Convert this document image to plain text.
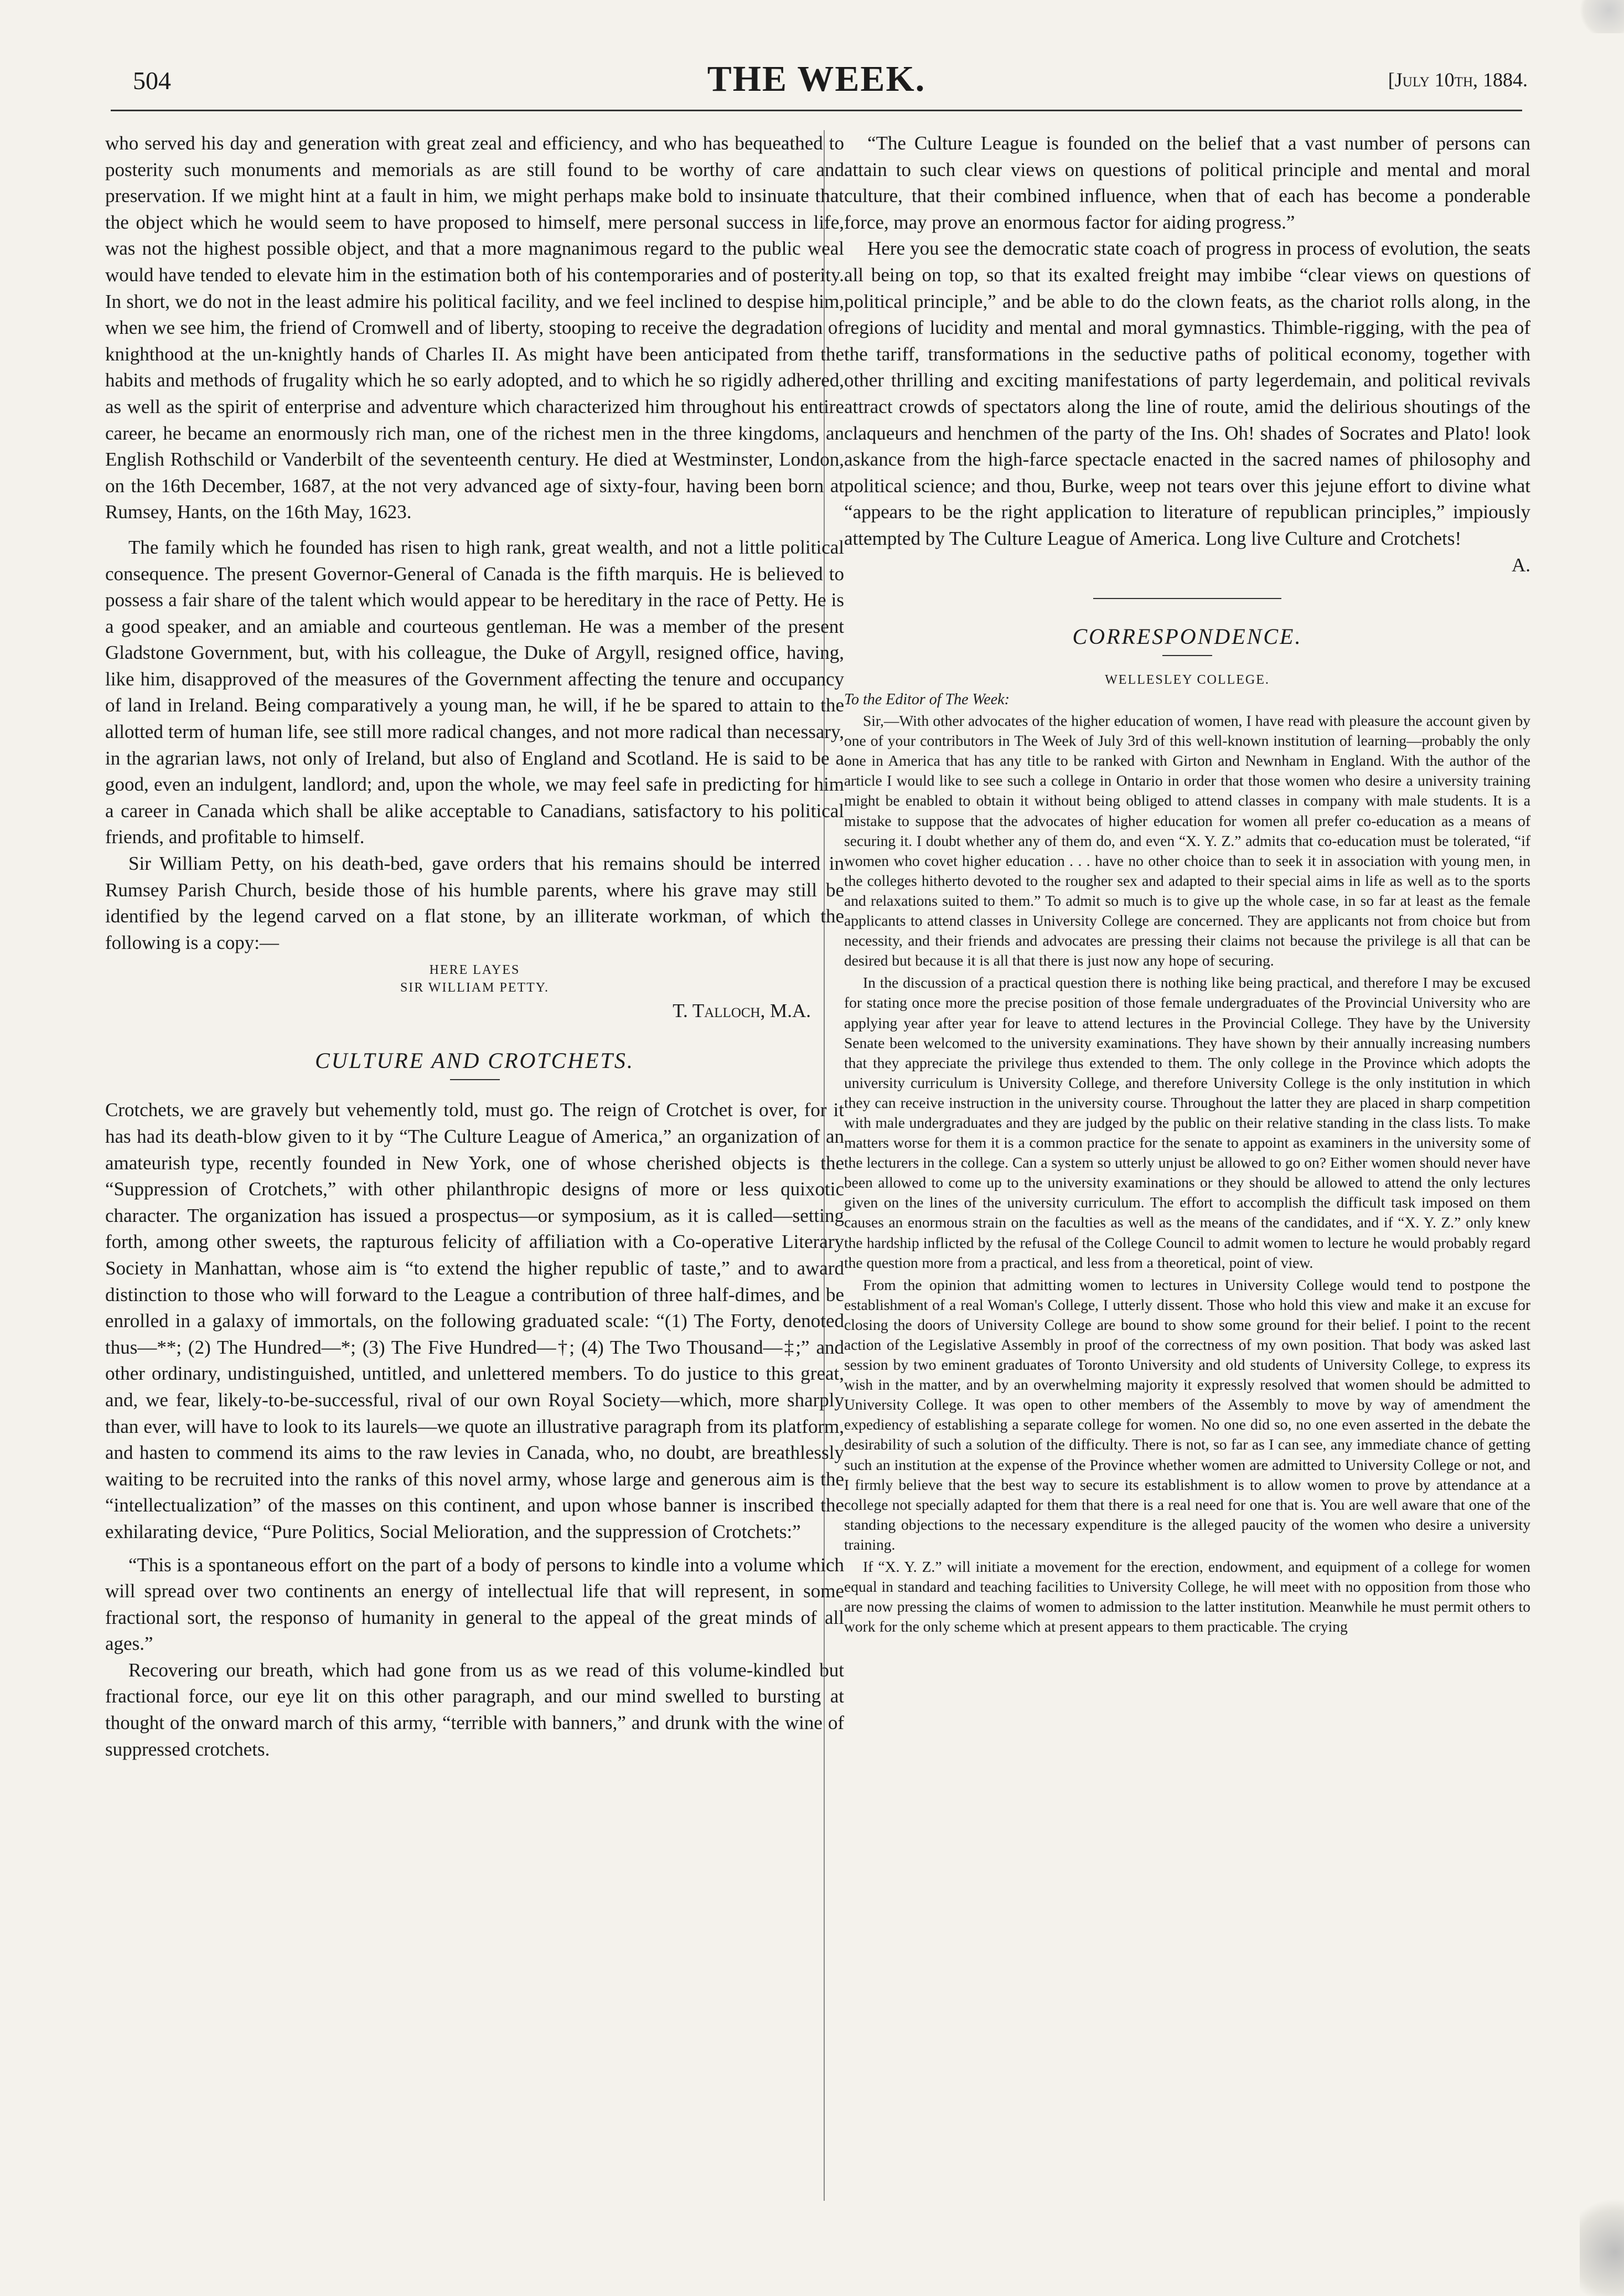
504	THE WEEK.	[July 10th, 1884.

who served his day and generation with great zeal and efficiency, and who has bequeathed to posterity such monuments and memorials as are still found to be worthy of care and preservation. If we might hint at a fault in him, we might perhaps make bold to insinuate that the object which he would seem to have proposed to himself, mere personal success in life, was not the highest possible object, and that a more magnanimous regard to the public weal would have tended to elevate him in the estimation both of his contemporaries and of posterity. In short, we do not in the least admire his political facility, and we feel inclined to despise him, when we see him, the friend of Cromwell and of liberty, stooping to receive the degradation of knighthood at the un-knightly hands of Charles II. As might have been anticipated from the habits and methods of frugality which he so early adopted, and to which he so rigidly adhered, as well as the spirit of enterprise and adventure which characterized him throughout his entire career, he became an enormously rich man, one of the richest men in the three kingdoms, an English Rothschild or Vanderbilt of the seventeenth century. He died at Westminster, London, on the 16th December, 1687, at the not very advanced age of sixty-four, having been born at Rumsey, Hants, on the 16th May, 1623.

The family which he founded has risen to high rank, great wealth, and not a little political consequence. The present Governor-General of Canada is the fifth marquis. He is believed to possess a fair share of the talent which would appear to be hereditary in the race of Petty. He is a good speaker, and an amiable and courteous gentleman. He was a member of the present Gladstone Government, but, with his colleague, the Duke of Argyll, resigned office, having, like him, disapproved of the measures of the Government affecting the tenure and occupancy of land in Ireland. Being comparatively a young man, he will, if he be spared to attain to the allotted term of human life, see still more radical changes, and not more radical than necessary, in the agrarian laws, not only of Ireland, but also of England and Scotland. He is said to be a good, even an indulgent, landlord; and, upon the whole, we may feel safe in predicting for him a career in Canada which shall be alike acceptable to Canadians, satisfactory to his political friends, and profitable to himself.

Sir William Petty, on his death-bed, gave orders that his remains should be interred in Rumsey Parish Church, beside those of his humble parents, where his grave may still be identified by the legend carved on a flat stone, by an illiterate workman, of which the following is a copy:—

HERE LAYES
SIR WILLIAM PETTY.
T. Talloch, M.A.
CULTURE AND CROTCHETS.

Crotchets, we are gravely but vehemently told, must go. The reign of Crotchet is over, for it has had its death-blow given to it by “The Culture League of America,” an organization of an amateurish type, recently founded in New York, one of whose cherished objects is the “Suppression of Crotchets,” with other philanthropic designs of more or less quixotic character. The organization has issued a prospectus—or symposium, as it is called—setting forth, among other sweets, the rapturous felicity of affiliation with a Co-operative Literary Society in Manhattan, whose aim is “to extend the higher republic of taste,” and to award distinction to those who will forward to the League a contribution of three half-dimes, and be enrolled in a galaxy of immortals, on the following graduated scale: “(1) The Forty, denoted thus—**; (2) The Hundred—*; (3) The Five Hundred—†; (4) The Two Thousand—‡;” and other ordinary, undistinguished, untitled, and unlettered members. To do justice to this great, and, we fear, likely-to-be-successful, rival of our own Royal Society—which, more sharply than ever, will have to look to its laurels—we quote an illustrative paragraph from its platform, and hasten to commend its aims to the raw levies in Canada, who, no doubt, are breathlessly waiting to be recruited into the ranks of this novel army, whose large and generous aim is the “intellectualization” of the masses on this continent, and upon whose banner is inscribed the exhilarating device, “Pure Politics, Social Melioration, and the suppression of Crotchets:”

“This is a spontaneous effort on the part of a body of persons to kindle into a volume which will spread over two continents an energy of intellectual life that will represent, in some fractional sort, the responso of humanity in general to the appeal of the great minds of all ages.”

Recovering our breath, which had gone from us as we read of this volume-kindled but fractional force, our eye lit on this other paragraph, and our mind swelled to bursting at thought of the onward march of this army, “terrible with banners,” and drunk with the wine of suppressed crotchets.

“The Culture League is founded on the belief that a vast number of persons can attain to such clear views on questions of political principle and mental and moral culture, that their combined influence, when that of each has become a ponderable force, may prove an enormous factor for aiding progress.”

Here you see the democratic state coach of progress in process of evolution, the seats all being on top, so that its exalted freight may imbibe “clear views on questions of political principle,” and be able to do the clown feats, as the chariot rolls along, in the regions of lucidity and mental and moral gymnastics. Thimble-rigging, with the pea of the tariff, transformations in the seductive paths of political economy, together with other thrilling and exciting manifestations of party legerdemain, and political revivals attract crowds of spectators along the line of route, amid the delirious shoutings of the claqueurs and henchmen of the party of the Ins. Oh! shades of Socrates and Plato! look askance from the high-farce spectacle enacted in the sacred names of philosophy and political science; and thou, Burke, weep not tears over this jejune effort to divine what “appears to be the right application to literature of republican principles,” impiously attempted by The Culture League of America. Long live Culture and Crotchets!

A.
CORRESPONDENCE.
WELLESLEY COLLEGE.

To the Editor of The Week:

Sir,—With other advocates of the higher education of women, I have read with pleasure the account given by one of your contributors in The Week of July 3rd of this well-known institution of learning—probably the only one in America that has any title to be ranked with Girton and Newnham in England. With the author of the article I would like to see such a college in Ontario in order that those women who desire a university training might be enabled to obtain it without being obliged to attend classes in company with male students. It is a mistake to suppose that the advocates of higher education for women all prefer co-education as a means of securing it. I doubt whether any of them do, and even “X. Y. Z.” admits that co-education must be tolerated, “if women who covet higher education . . . have no other choice than to seek it in association with young men, in the colleges hitherto devoted to the rougher sex and adapted to their special aims in life as well as to the sports and relaxations suited to them.” To admit so much is to give up the whole case, in so far at least as the female applicants to attend classes in University College are concerned. They are applicants not from choice but from necessity, and their friends and advocates are pressing their claims not because the privilege is all that can be desired but because it is all that there is just now any hope of securing.

In the discussion of a practical question there is nothing like being practical, and therefore I may be excused for stating once more the precise position of those female undergraduates of the Provincial University who are applying year after year for leave to attend lectures in the Provincial College. They have by the University Senate been welcomed to the university examinations. They have shown by their annually increasing numbers that they appreciate the privilege thus extended to them. The only college in the Province which adopts the university curriculum is University College, and therefore University College is the only institution in which they can receive instruction in the university course. Throughout the latter they are placed in sharp competition with male undergraduates and they are judged by the public on their relative standing in the class lists. To make matters worse for them it is a common practice for the senate to appoint as examiners in the university some of the lecturers in the college. Can a system so utterly unjust be allowed to go on? Either women should never have been allowed to come up to the university examinations or they should be allowed to attend the only lectures given on the lines of the university curriculum. The effort to accomplish the difficult task imposed on them causes an enormous strain on the faculties as well as the means of the candidates, and if “X. Y. Z.” only knew the hardship inflicted by the refusal of the College Council to admit women to lecture he would probably regard the question more from a practical, and less from a theoretical, point of view.

From the opinion that admitting women to lectures in University College would tend to postpone the establishment of a real Woman's College, I utterly dissent. Those who hold this view and make it an excuse for closing the doors of University College are bound to show some ground for their belief. I point to the recent action of the Legislative Assembly in proof of the correctness of my own position. That body was asked last session by two eminent graduates of Toronto University and old students of University College, to express its wish in the matter, and by an overwhelming majority it expressly resolved that women should be admitted to University College. It was open to other members of the Assembly to move by way of amendment the expediency of establishing a separate college for women. No one did so, no one even asserted in the debate the desirability of such a solution of the difficulty. There is not, so far as I can see, any immediate chance of getting such an institution at the expense of the Province whether women are admitted to University College or not, and I firmly believe that the best way to secure its establishment is to allow women to prove by attendance at a college not specially adapted for them that there is a real need for one that is. You are well aware that one of the standing objections to the necessary expenditure is the alleged paucity of the women who desire a university training.

If “X. Y. Z.” will initiate a movement for the erection, endowment, and equipment of a college for women equal in standard and teaching facilities to University College, he will meet with no opposition from those who are now pressing the claims of women to admission to the latter institution. Meanwhile he must permit others to work for the only scheme which at present appears to them practicable. The crying
